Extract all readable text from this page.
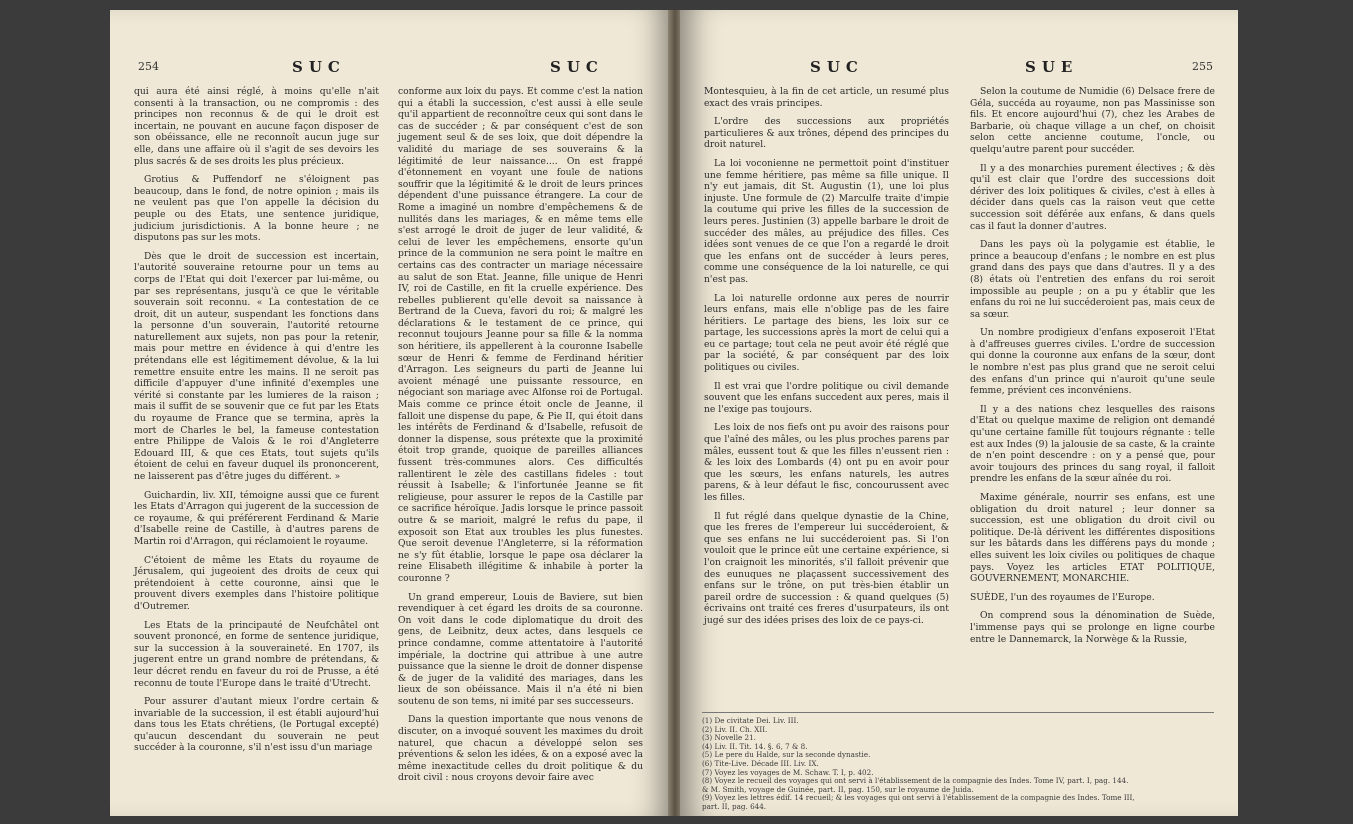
254	SUC	SUC

qui aura été ainsi réglé, à moins qu'elle n'ait consenti à la transaction, ou ne compromis : des principes non reconnus & de qui le droit est incertain, ne pouvant en aucune façon disposer de son obéissance, elle ne reconnoît aucun juge sur elle, dans une affaire où il s'agit de ses devoirs les plus sacrés & de ses droits les plus précieux.

Grotius & Puffendorf ne s'éloignent pas beaucoup, dans le fond, de notre opinion ; mais ils ne veulent pas que l'on appelle la décision du peuple ou des Etats, une sentence juridique, judicium jurisdictionis. A la bonne heure ; ne disputons pas sur les mots.

Dès que le droit de succession est incertain, l'autorité souveraine retourne pour un tems au corps de l'Etat qui doit l'exercer par lui-même, ou par ses représentans, jusqu'à ce que le véritable souverain soit reconnu. « La contestation de ce droit, dit un auteur, suspendant les fonctions dans la personne d'un souverain, l'autorité retourne naturellement aux sujets, non pas pour la retenir, mais pour mettre en évidence à qui d'entre les prétendans elle est légitimement dévolue, & la lui remettre ensuite entre les mains. Il ne seroit pas difficile d'appuyer d'une infinité d'exemples une vérité si constante par les lumieres de la raison ; mais il suffit de se souvenir que ce fut par les Etats du royaume de France que se termina, après la mort de Charles le bel, la fameuse contestation entre Philippe de Valois & le roi d'Angleterre Edouard III, & que ces Etats, tout sujets qu'ils étoient de celui en faveur duquel ils prononcerent, ne laisserent pas d'être juges du différent. »

Guichardin, liv. XII, témoigne aussi que ce furent les Etats d'Arragon qui jugerent de la succession de ce royaume, & qui préférerent Ferdinand & Marie d'Isabelle reine de Castille, à d'autres parens de Martin roi d'Arragon, qui réclamoient le royaume.

C'étoient de même les Etats du royaume de Jérusalem, qui jugeoient des droits de ceux qui prétendoient à cette couronne, ainsi que le prouvent divers exemples dans l'histoire politique d'Outremer.

Les Etats de la principauté de Neufchâtel ont souvent prononcé, en forme de sentence juridique, sur la succession à la souveraineté. En 1707, ils jugerent entre un grand nombre de prétendans, & leur décret rendu en faveur du roi de Prusse, a été reconnu de toute l'Europe dans le traité d'Utrecht.

Pour assurer d'autant mieux l'ordre certain & invariable de la succession, il est établi aujourd'hui dans tous les Etats chrétiens, (le Portugal excepté) qu'aucun descendant du souverain ne peut succéder à la couronne, s'il n'est issu d'un mariage

conforme aux loix du pays. Et comme c'est la nation qui a établi la succession, c'est aussi à elle seule qu'il appartient de reconnoître ceux qui sont dans le cas de succéder ; & par conséquent c'est de son jugement seul & de ses loix, que doit dépendre la validité du mariage de ses souverains & la légitimité de leur naissance.... On est frappé d'étonnement en voyant une foule de nations souffrir que la légitimité & le droit de leurs princes dépendent d'une puissance étrangere. La cour de Rome a imaginé un nombre d'empêchemens & de nullités dans les mariages, & en même tems elle s'est arrogé le droit de juger de leur validité, & celui de lever les empêchemens, ensorte qu'un prince de la communion ne sera point le maître en certains cas des contracter un mariage nécessaire au salut de son Etat. Jeanne, fille unique de Henri IV, roi de Castille, en fit la cruelle expérience. Des rebelles publierent qu'elle devoit sa naissance à Bertrand de la Cueva, favori du roi; & malgré les déclarations & le testament de ce prince, qui reconnut toujours Jeanne pour sa fille & la nomma son héritiere, ils appellerent à la couronne Isabelle sœur de Henri & femme de Ferdinand héritier d'Arragon. Les seigneurs du parti de Jeanne lui avoient ménagé une puissante ressource, en négociant son mariage avec Alfonse roi de Portugal. Mais comme ce prince étoit oncle de Jeanne, il falloit une dispense du pape, & Pie II, qui étoit dans les intérêts de Ferdinand & d'Isabelle, refusoit de donner la dispense, sous prétexte que la proximité étoit trop grande, quoique de pareilles alliances fussent très-communes alors. Ces difficultés rallentirent le zèle des castillans fideles : tout réussit à Isabelle; & l'infortunée Jeanne se fit religieuse, pour assurer le repos de la Castille par ce sacrifice héroïque. Jadis lorsque le prince passoit outre & se marioit, malgré le refus du pape, il exposoit son Etat aux troubles les plus funestes. Que seroit devenue l'Angleterre, si la réformation ne s'y fût établie, lorsque le pape osa déclarer la reine Elisabeth illégitime & inhabile à porter la couronne ?

Un grand empereur, Louis de Baviere, sut bien revendiquer à cet égard les droits de sa couronne. On voit dans le code diplomatique du droit des gens, de Leibnitz, deux actes, dans lesquels ce prince condamne, comme attentatoire à l'autorité impériale, la doctrine qui attribue à une autre puissance que la sienne le droit de donner dispense & de juger de la validité des mariages, dans les lieux de son obéissance. Mais il n'a été ni bien soutenu de son tems, ni imité par ses successeurs.

Dans la question importante que nous venons de discuter, on a invoqué souvent les maximes du droit naturel, que chacun a développé selon ses préventions & selon les idées, & on a exposé avec la même inexactitude celles du droit politique & du droit civil : nous croyons devoir faire avec

SUC	SUE	255

Montesquieu, à la fin de cet article, un resumé plus exact des vrais principes.

L'ordre des successions aux propriétés particulieres & aux trônes, dépend des principes du droit naturel.

La loi voconienne ne permettoit point d'instituer une femme héritiere, pas même sa fille unique. Il n'y eut jamais, dit St. Augustin (1), une loi plus injuste. Une formule de (2) Marculfe traite d'impie la coutume qui prive les filles de la succession de leurs peres. Justinien (3) appelle barbare le droit de succéder des mâles, au préjudice des filles. Ces idées sont venues de ce que l'on a regardé le droit que les enfans ont de succéder à leurs peres, comme une conséquence de la loi naturelle, ce qui n'est pas.

La loi naturelle ordonne aux peres de nourrir leurs enfans, mais elle n'oblige pas de les faire héritiers. Le partage des biens, les loix sur ce partage, les successions après la mort de celui qui a eu ce partage; tout cela ne peut avoir été réglé que par la société, & par conséquent par des loix politiques ou civiles.

Il est vrai que l'ordre politique ou civil demande souvent que les enfans succedent aux peres, mais il ne l'exige pas toujours.

Les loix de nos fiefs ont pu avoir des raisons pour que l'aîné des mâles, ou les plus proches parens par mâles, eussent tout & que les filles n'eussent rien : & les loix des Lombards (4) ont pu en avoir pour que les sœurs, les enfans naturels, les autres parens, & à leur défaut le fisc, concourussent avec les filles.

Il fut réglé dans quelque dynastie de la Chine, que les freres de l'empereur lui succéderoient, & que ses enfans ne lui succéderoient pas. Si l'on vouloit que le prince eût une certaine expérience, si l'on craignoit les minorités, s'il falloit prévenir que des eunuques ne plaçassent successivement des enfans sur le trône, on put très-bien établir un pareil ordre de succession : & quand quelques (5) écrivains ont traité ces freres d'usurpateurs, ils ont jugé sur des idées prises des loix de ce pays-ci.

Selon la coutume de Numidie (6) Delsace frere de Géla, succéda au royaume, non pas Massinisse son fils. Et encore aujourd'hui (7), chez les Arabes de Barbarie, où chaque village a un chef, on choisit selon cette ancienne coutume, l'oncle, ou quelqu'autre parent pour succéder.

Il y a des monarchies purement électives ; & dès qu'il est clair que l'ordre des successions doit dériver des loix politiques & civiles, c'est à elles à décider dans quels cas la raison veut que cette succession soit déférée aux enfans, & dans quels cas il faut la donner d'autres.

Dans les pays où la polygamie est établie, le prince a beaucoup d'enfans ; le nombre en est plus grand dans des pays que dans d'autres. Il y a des (8) états où l'entretien des enfans du roi seroit impossible au peuple ; on a pu y établir que les enfans du roi ne lui succéderoient pas, mais ceux de sa sœur.

Un nombre prodigieux d'enfans exposeroit l'Etat à d'affreuses guerres civiles. L'ordre de succession qui donne la couronne aux enfans de la sœur, dont le nombre n'est pas plus grand que ne seroit celui des enfans d'un prince qui n'auroit qu'une seule femme, prévient ces inconvéniens.

Il y a des nations chez lesquelles des raisons d'Etat ou quelque maxime de religion ont demandé qu'une certaine famille fût toujours régnante : telle est aux Indes (9) la jalousie de sa caste, & la crainte de n'en point descendre : on y a pensé que, pour avoir toujours des princes du sang royal, il falloit prendre les enfans de la sœur aînée du roi.

Maxime générale, nourrir ses enfans, est une obligation du droit naturel ; leur donner sa succession, est une obligation du droit civil ou politique. De-là dérivent les différentes dispositions sur les bâtards dans les différens pays du monde ; elles suivent les loix civiles ou politiques de chaque pays. Voyez les articles ETAT POLITIQUE, GOUVERNEMENT, MONARCHIE.

SUÈDE, l'un des royaumes de l'Europe.

On comprend sous la dénomination de Suède, l'immense pays qui se prolonge en ligne courbe entre le Dannemarck, la Norwège & la Russie,

(1) De civitate Dei. Liv. III.
(2) Liv. II. Ch. XII.
(3) Novelle 21.
(4) Liv. II. Tit. 14. §. 6, 7 & 8.
(5) Le pere du Halde, sur la seconde dynastie.
(6) Tite-Live. Décade III. Liv. IX.
(7) Voyez les voyages de M. Schaw. T. I, p. 402.
(8) Voyez le recueil des voyages qui ont servi à l'établissement de la compagnie des Indes. Tome IV, part. I, pag. 144.
& M. Smith, voyage de Guinée, part. II, pag. 150, sur le royaume de Juida.
(9) Voyez les lettres édif. 14 recueil; & les voyages qui ont servi à l'établissement de la compagnie des Indes. Tome III,
part. II, pag. 644.
